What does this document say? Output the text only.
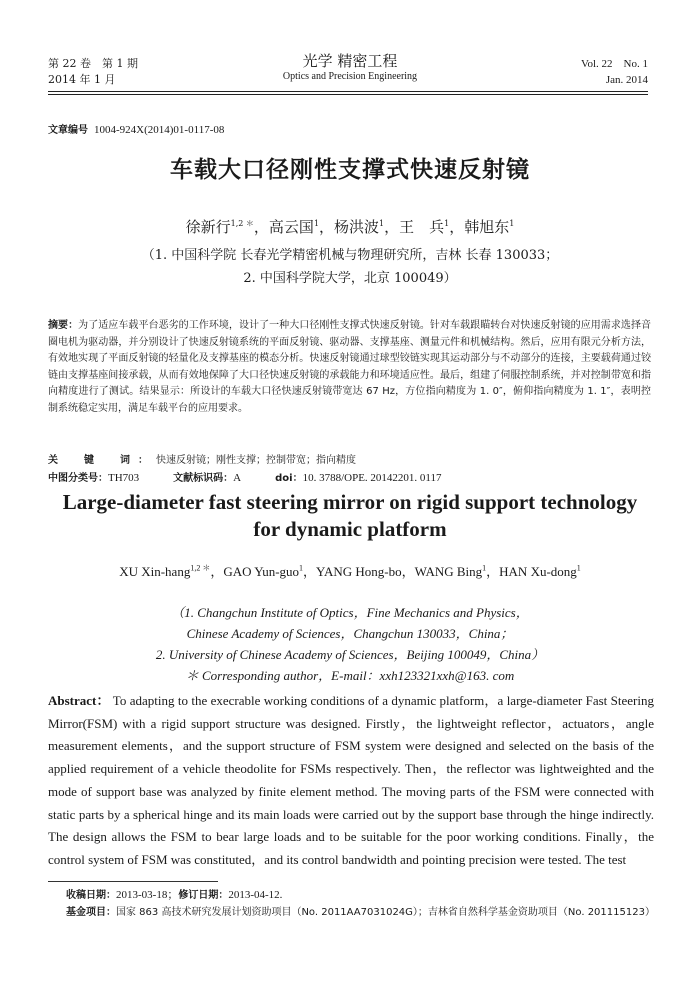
第 22 卷　第 1 期
2014 年 1 月
光学 精密工程
Optics and Precision Engineering
Vol. 22　No. 1
Jan. 2014
文章编号 1004-924X(2014)01-0117-08
车载大口径刚性支撑式快速反射镜
徐新行$^{1,2 *}$，高云国$^1$，杨洪波$^1$，王　兵$^1$，韩旭东$^1$
（1. 中国科学院 长春光学精密机械与物理研究所，吉林 长春 130033；
2. 中国科学院大学，北京 100049）
摘要：为了适应车载平台恶劣的工作环境，设计了一种大口径刚性支撑式快速反射镜。针对车载跟瞄转台对快速反射镜的应用需求选择音圈电机为驱动器，并分别设计了快速反射镜系统的平面反射镜、驱动器、支撑基座、测量元件和机械结构。然后，应用有限元分析方法，有效地实现了平面反射镜的轻量化及支撑基座的模态分析。快速反射镜通过球型铰链实现其运动部分与不动部分的连接，主要载荷通过铰链由支撑基座间接承载，从而有效地保障了大口径快速反射镜的承载能力和环境适应性。最后，组建了伺服控制系统，并对控制带宽和指向精度进行了测试。结果显示：所设计的车载大口径快速反射镜带宽达 67 Hz，方位指向精度为 1. 0″，俯仰指向精度为 1. 1″，表明控制系统稳定实用，满足车载平台的应用要求。
关　键　词：快速反射镜；刚性支撑；控制带宽；指向精度
中图分类号：TH703	文献标识码：A	doi：10. 3788/OPE. 20142201. 0117
Large-diameter fast steering mirror on rigid support technology
for dynamic platform
XU Xin-hang$^{1,2 *}$，GAO Yun-guo$^1$，YANG Hong-bo，WANG Bing$^1$，HAN Xu-dong$^1$
（1. Changchun Institute of Optics，Fine Mechanics and Physics，
Chinese Academy of Sciences，Changchun 130033，China；
2. University of Chinese Academy of Sciences，Beijing 100049，China）
＊ Corresponding author，E-mail：xxh123321xxh@163. com
Abstract： To adapting to the execrable working conditions of a dynamic platform，a large-diameter Fast Steering Mirror(FSM) with a rigid support structure was designed. Firstly，the lightweight reflector，actuators，angle measurement elements，and the support structure of FSM system were designed and selected on the basis of the applied requirement of a vehicle theodolite for FSMs respectively. Then，the reflector was lightweighted and the mode of support base was analyzed by finite element method. The moving parts of the FSM were connected with static parts by a spherical hinge and its main loads were carried out by the support base through the hinge indirectly. The design allows the FSM to bear large loads and to be suitable for the poor working conditions. Finally，the control system of FSM was constituted，and its control bandwidth and pointing precision were tested. The test
收稿日期：2013-03-18；修订日期：2013-04-12.
基金项目：国家 863 高技术研究发展计划资助项目（No. 2011AA7031024G）；吉林省自然科学基金资助项目（No. 201115123）
